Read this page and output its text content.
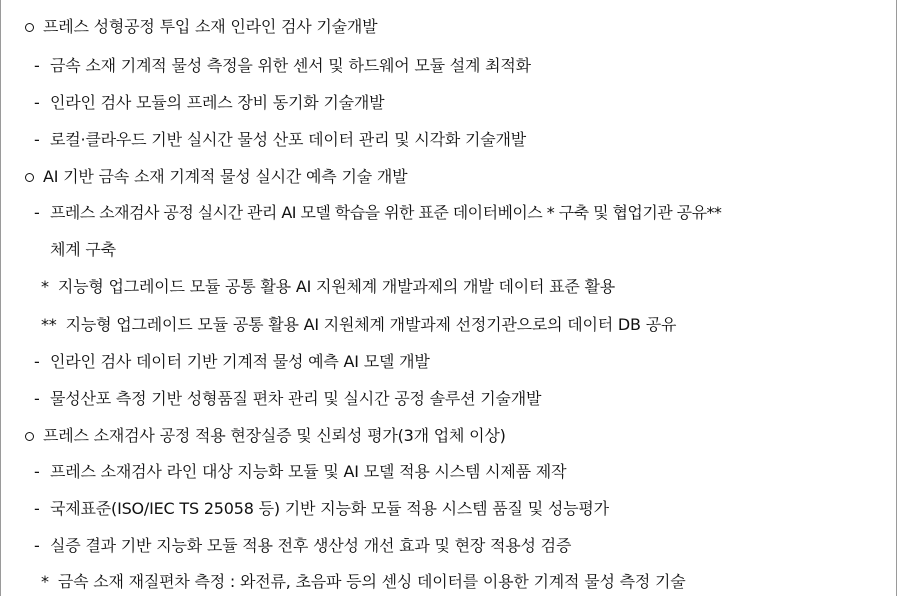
프레스 성형공정 투입 소재 인라인 검사 기술개발
- 금속 소재 기계적 물성 측정을 위한 센서 및 하드웨어 모듈 설계 최적화
- 인라인 검사 모듈의 프레스 장비 동기화 기술개발
- 로컬·클라우드 기반 실시간 물성 산포 데이터 관리 및 시각화 기술개발
AI 기반 금속 소재 기계적 물성 실시간 예측 기술 개발
- 프레스 소재검사 공정 실시간 관리 AI 모델 학습을 위한 표준 데이터베이스 * 구축 및 협업기관 공유**
체계 구축
* 지능형 업그레이드 모듈 공통 활용 AI 지원체계 개발과제의 개발 데이터 표준 활용
** 지능형 업그레이드 모듈 공통 활용 AI 지원체계 개발과제 선정기관으로의 데이터 DB 공유
- 인라인 검사 데이터 기반 기계적 물성 예측 AI 모델 개발
- 물성산포 측정 기반 성형품질 편차 관리 및 실시간 공정 솔루션 기술개발
프레스 소재검사 공정 적용 현장실증 및 신뢰성 평가(3개 업체 이상)
- 프레스 소재검사 라인 대상 지능화 모듈 및 AI 모델 적용 시스템 시제품 제작
- 국제표준(ISO/IEC TS 25058 등) 기반 지능화 모듈 적용 시스템 품질 및 성능평가
- 실증 결과 기반 지능화 모듈 적용 전후 생산성 개선 효과 및 현장 적용성 검증
* 금속 소재 재질편차 측정 : 와전류, 초음파 등의 센싱 데이터를 이용한 기계적 물성 측정 기술
